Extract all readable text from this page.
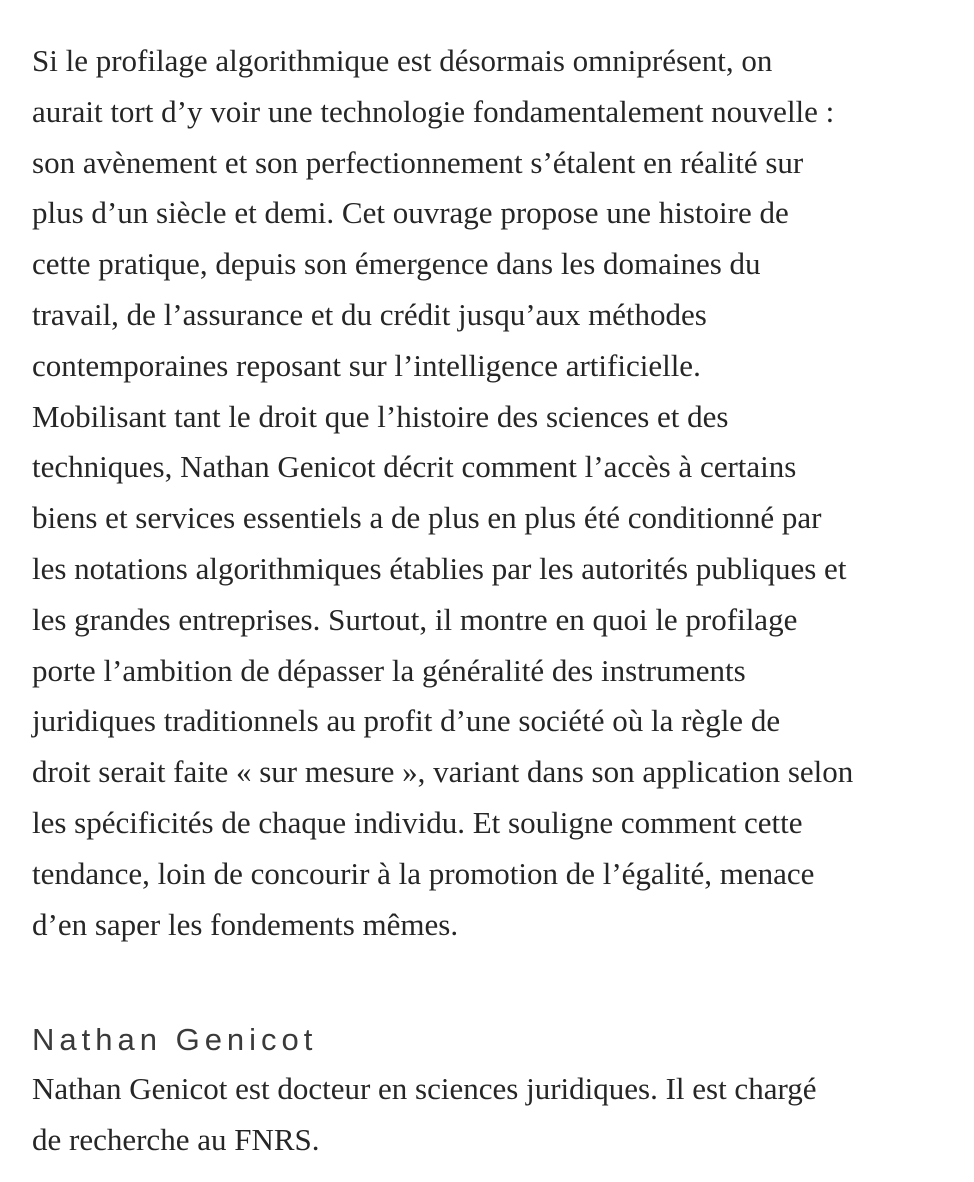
Si le profilage algorithmique est désormais omniprésent, on
aurait tort d’y voir une technologie fondamentalement nouvelle :
son avènement et son perfectionnement s’étalent en réalité sur
plus d’un siècle et demi. Cet ouvrage propose une histoire de
cette pratique, depuis son émergence dans les domaines du
travail, de l’assurance et du crédit jusqu’aux méthodes
contemporaines reposant sur l’intelligence artificielle.
Mobilisant tant le droit que l’histoire des sciences et des
techniques, Nathan Genicot décrit comment l’accès à certains
biens et services essentiels a de plus en plus été conditionné par
les notations algorithmiques établies par les autorités publiques et
les grandes entreprises. Surtout, il montre en quoi le profilage
porte l’ambition de dépasser la généralité des instruments
juridiques traditionnels au profit d’une société où la règle de
droit serait faite « sur mesure », variant dans son application selon
les spécificités de chaque individu. Et souligne comment cette
tendance, loin de concourir à la promotion de l’égalité, menace
d’en saper les fondements mêmes.

Nathan Genicot

Nathan Genicot est docteur en sciences juridiques. Il est chargé
de recherche au FNRS.
